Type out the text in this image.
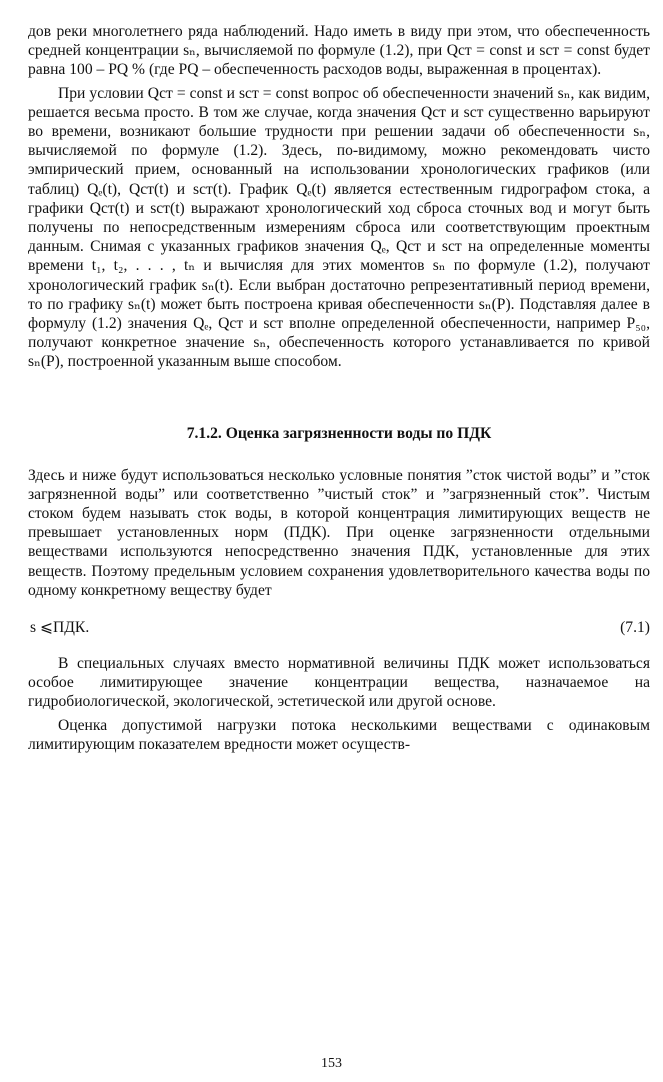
дов реки многолетнего ряда наблюдений. Надо иметь в виду при этом, что обеспеченность средней концентрации sₙ, вычисляемой по формуле (1.2), при Qст = const и sст = const будет равна 100 – PQ % (где PQ – обеспеченность расходов воды, выраженная в процентах).

При условии Qст = const и sст = const вопрос об обеспеченности значений sₙ, как видим, решается весьма просто. В том же случае, когда значения Qст и sст существенно варьируют во времени, возникают большие трудности при решении задачи об обеспеченности sₙ, вычисляемой по формуле (1.2). Здесь, по-видимому, можно рекомендовать чисто эмпирический прием, основанный на использовании хронологических графиков (или таблиц) Qₑ(t), Qст(t) и sст(t). График Qₑ(t) является естественным гидрографом стока, а графики Qст(t) и sст(t) выражают хронологический ход сброса сточных вод и могут быть получены по непосредственным измерениям сброса или соответствующим проектным данным. Снимая с указанных графиков значения Qₑ, Qст и sст на определенные моменты времени t₁, t₂, . . . , tₙ и вычисляя для этих моментов sₙ по формуле (1.2), получают хронологический график sₙ(t). Если выбран достаточно репрезентативный период времени, то по графику sₙ(t) может быть построена кривая обеспеченности sₙ(P). Подставляя далее в формулу (1.2) значения Qₑ, Qст и sст вполне определенной обеспеченности, например P₅₀, получают конкретное значение sₙ, обеспеченность которого устанавливается по кривой sₙ(P), построенной указанным выше способом.

7.1.2. Оценка загрязненности воды по ПДК

Здесь и ниже будут использоваться несколько условные понятия ”сток чистой воды” и ”сток загрязненной воды” или соответственно ”чистый сток” и ”загрязненный сток”. Чистым стоком будем называть сток воды, в которой концентрация лимитирующих веществ не превышает установленных норм (ПДК). При оценке загрязненности отдельными веществами используются непосредственно значения ПДК, установленные для этих веществ. Поэтому предельным условием сохранения удовлетворительного качества воды по одному конкретному веществу будет

s ⩽ПДК.	(7.1)

В специальных случаях вместо нормативной величины ПДК может использоваться особое лимитирующее значение концентрации вещества, назначаемое на гидробиологической, экологической, эстетической или другой основе.

Оценка допустимой нагрузки потока несколькими веществами с одинаковым лимитирующим показателем вредности может осуществ-

153
